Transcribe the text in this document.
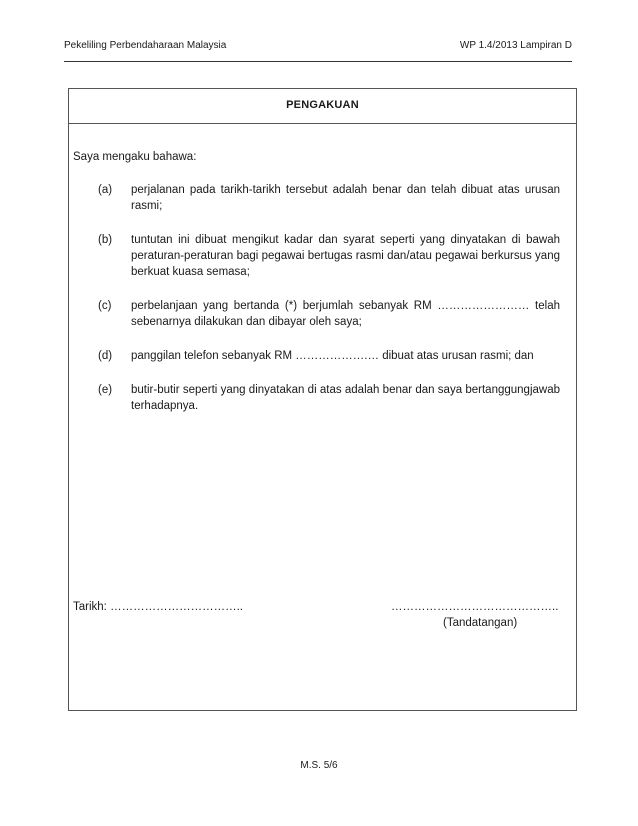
Pekeliling Perbendaharaan Malaysia	WP 1.4/2013 Lampiran D
PENGAKUAN
Saya mengaku bahawa:
(a)	perjalanan pada tarikh-tarikh tersebut adalah benar dan telah dibuat atas urusan rasmi;
(b)	tuntutan ini dibuat mengikut kadar dan syarat seperti yang dinyatakan di bawah peraturan-peraturan bagi pegawai bertugas rasmi dan/atau pegawai berkursus yang berkuat kuasa semasa;
(c)	perbelanjaan yang bertanda (*) berjumlah sebanyak RM …………………… telah sebenarnya dilakukan dan dibayar oleh saya;
(d)	panggilan telefon sebanyak RM ……………….… dibuat atas urusan rasmi; dan
(e)	butir-butir seperti yang dinyatakan di atas adalah benar dan saya bertanggungjawab terhadapnya.
Tarikh: ……………………………..	……………………………………..
(Tandatangan)
M.S. 5/6
